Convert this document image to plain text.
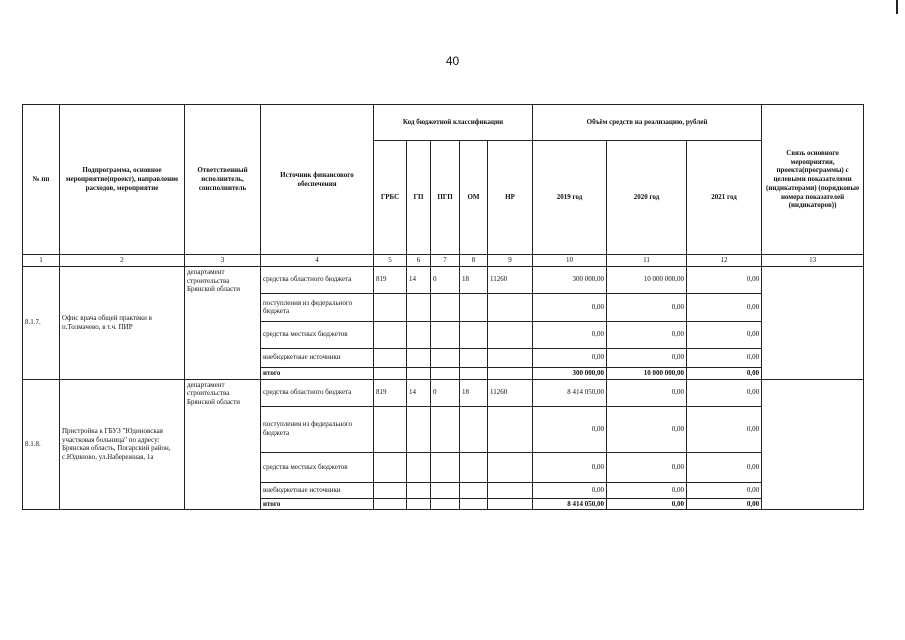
40
№ пп	Подпрограмма, основное мероприятие(проект), направление расходов, мероприятие	Ответственный исполнитель, соисполнитель	Источник финансового обеспечения	Код бюджетной классификации					Объём средств на реализацию, рублей			Связь основного мероприятия, проекта(программы) с целевыми показателями (индикаторами) (порядковые номера показателей (индикаторов))
				ГРБС	ГП	ПГП	ОМ	НР	2019 год	2020 год	2021 год	
1	2	3	4	5	6	7	8	9	10	11	12	13
8.1.7.	Офис врача общей практики в п.Толмачево, в т.ч. ПИР	департамент строительства Брянской области	средства областного бюджета	819	14	0	18	11260	300 000,00	10 000 000,00	0,00	
			поступления из федерального бюджета						0,00	0,00	0,00	
			средства местных бюджетов						0,00	0,00	0,00	
			внебюджетные источники						0,00	0,00	0,00	
			итого						300 000,00	10 000 000,00	0,00	
8.1.8.	Пристройка к ГБУЗ "Юдиновская участковая больница" по адресу: Брянская область, Погарский район, с.Юдиново, ул.Набережная, 1а	департамент строительства Брянской области	средства областного бюджета	819	14	0	18	11260	8 414 050,00	0,00	0,00	
			поступления из федерального бюджета						0,00	0,00	0,00	
			средства местных бюджетов						0,00	0,00	0,00	
			внебюджетные источники						0,00	0,00	0,00	
			итого						8 414 050,00	0,00	0,00	
